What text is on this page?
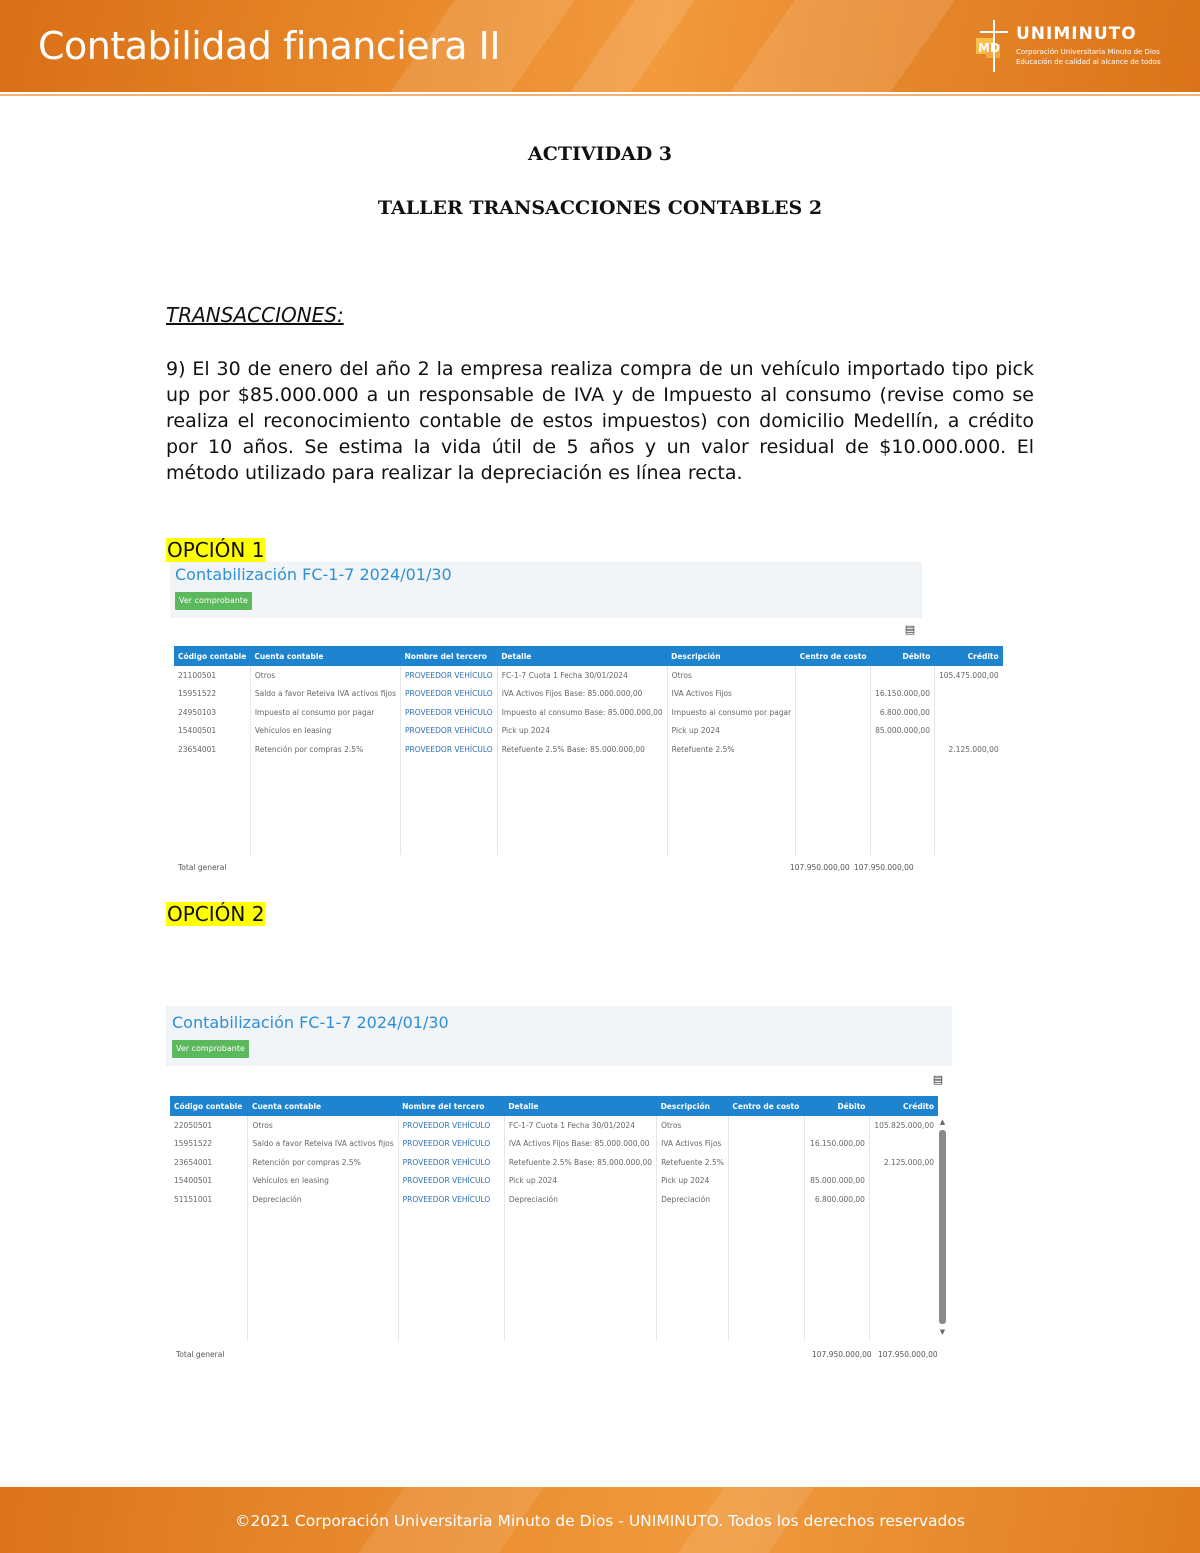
Contabilidad financiera II	MD
UNIMINUTO
Corporación Universitaria Minuto de Dios
Educación de calidad al alcance de todos
ACTIVIDAD 3
TALLER TRANSACCIONES CONTABLES 2
TRANSACCIONES:
9) El 30 de enero del año 2 la empresa realiza compra de un vehículo importado tipo pick up por $85.000.000 a un responsable de IVA y de Impuesto al consumo (revise como se realiza el reconocimiento contable de estos impuestos) con domicilio Medellín, a crédito por 10 años. Se estima la vida útil de 5 años y un valor residual de $10.000.000. El método utilizado para realizar la depreciación es línea recta.
OPCIÓN 1
Contabilización FC-1-7 2024/01/30
Ver comprobante
▤
Código contable	Cuenta contable	Nombre del tercero	Detalle	Descripción	Centro de costo	Débito	Crédito
21100501	Otros	PROVEEDOR VEHÍCULO	FC-1-7 Cuota 1 Fecha 30/01/2024	Otros			105.475.000,00
15951522	Saldo a favor Reteiva IVA activos fijos	PROVEEDOR VEHÍCULO	IVA Activos Fijos Base: 85.000.000,00	IVA Activos Fijos		16.150.000,00	
24950103	Impuesto al consumo por pagar	PROVEEDOR VEHÍCULO	Impuesto al consumo Base: 85.000.000,00	Impuesto al consumo por pagar		6.800.000,00	
15400501	Vehículos en leasing	PROVEEDOR VEHÍCULO	Pick up 2024	Pick up 2024		85.000.000,00	
23654001	Retención por compras 2.5%	PROVEEDOR VEHÍCULO	Retefuente 2.5% Base: 85.000.000,00	Retefuente 2.5%			2.125.000,00

Total general	107.950.000,00 107.950.000,00
OPCIÓN 2
Contabilización FC-1-7 2024/01/30
Ver comprobante
▤
Código contable	Cuenta contable	Nombre del tercero	Detalle	Descripción	Centro de costo	Débito	Crédito
22050501	Otros	PROVEEDOR VEHÍCULO	FC-1-7 Cuota 1 Fecha 30/01/2024	Otros			105.825.000,00
15951522	Saldo a favor Reteiva IVA activos fijos	PROVEEDOR VEHÍCULO	IVA Activos Fijos Base: 85.000.000,00	IVA Activos Fijos		16.150.000,00	
23654001	Retención por compras 2.5%	PROVEEDOR VEHÍCULO	Retefuente 2.5% Base: 85.000.000,00	Retefuente 2.5%			2.125.000,00
15400501	Vehículos en leasing	PROVEEDOR VEHÍCULO	Pick up 2024	Pick up 2024		85.000.000,00	
51151001	Depreciación	PROVEEDOR VEHÍCULO	Depreciación	Depreciación		6.800.000,00	

▲
▼
Total general	107.950.000,00 107.950.000,00
©2021 Corporación Universitaria Minuto de Dios - UNIMINUTO. Todos los derechos reservados
